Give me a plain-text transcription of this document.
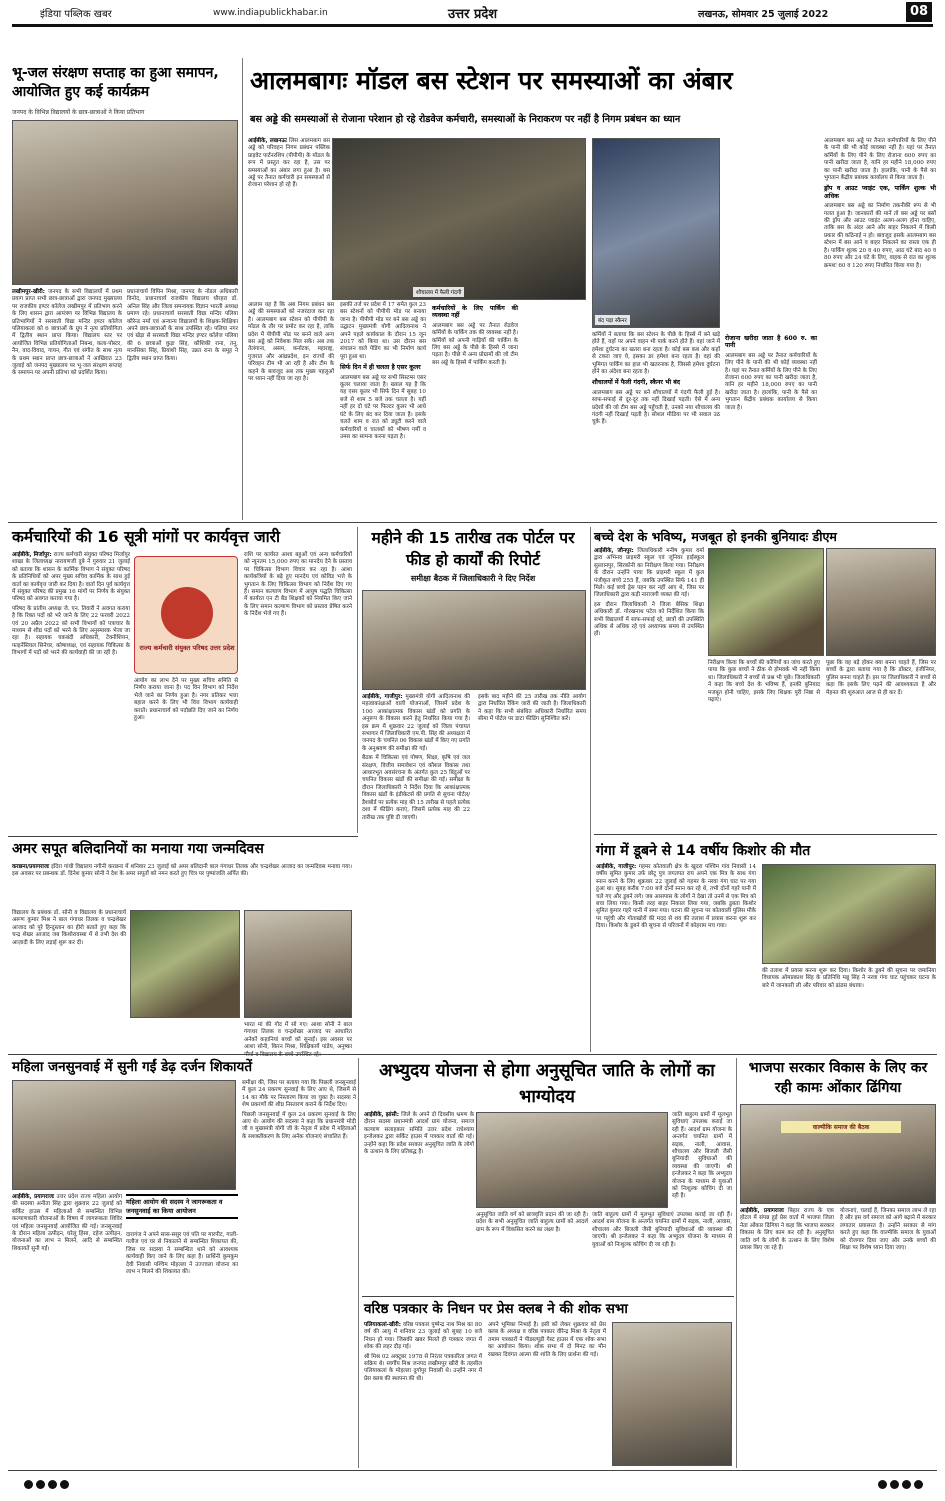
इंडिया पब्लिक खबर	www.indiapublickhabar.in	उत्तर प्रदेश	लखनऊ, सोमवार 25 जुलाई 2022	08
भू-जल संरक्षण सप्ताह का हुआ समापन, आयोजित हुए कई कार्यक्रम
जनपद के विभिन्न विद्यालयों के छात्र-छात्राओं ने किया प्रतिभाग
लखीमपुर-खीरी: जनपद के सभी विद्यालयों में प्रथम प्रयाग प्राप्त सभी छात्र-छात्राओं द्वारा जनपद मुख्यालय पर राजकीय इण्टर कॉलेज लखीमपुर में प्रतिभाग करने के लिए शासन द्वारा आमंत्रण पर विभिन्न विद्यालय के प्रतिभागियों ने सरस्वती विद्या मन्दिर इण्टर कॉलेज पलियाकलां को 6 छात्राओं के ग्रुप ने नृत्य प्रतियोगिता में द्वितीय स्थान प्राप्त किया। विद्यालय स्तर पर आयोजित विभिन्न प्रतियोगिताओं निबन्ध, कला-पोस्टर, नैन, वाद-विवाद, गायन, गीत एवं संगीत के साथ नृत्य के प्रथम स्थान प्राप्त छात्र-छात्राओं ने आखिरात 23 जुलाई को जनपद मुख्यालय पर भू-जल संरक्षण सप्ताह के समापन पर अपनी प्रतिभा को प्रदर्शित किया।
प्रधानाचार्य विपिन मिश्रा, जनपद के नोडल अधिकारी विनोद, प्रधानाचार्य राजकीय विद्यालय धौरहरा डॉ. अनिल सिंह और जिला समन्वयक विज्ञान भारती अध्यक्ष प्रमाण रहे। प्रधानाचार्य सरस्वती विद्या मन्दिर पलिया कौरेन्ड नर्मा एवं अन्यान्य विद्यालयों के शिक्षक-शिक्षिका अपने छात्र-छात्राओं के साथ उपस्थित रहे। पलिया नगर एवं खेड़ा से सरस्वती विद्या मन्दिर इण्टर कॉलेज पलिया की 6 छात्राओं कुड़ा सिंह, कौशिकी राना, तनु, मानसिका सिंह, प्रियांशी सिंह, उन्नत राना के समूह ने द्वितीय स्थान प्राप्त किया।
आलमबागः मॉडल बस स्टेशन पर समस्याओं का अंबार
बस अड्डे की समस्याओं से रोजाना परेशान हो रहे रोडवेज कर्मचारी, समस्याओं के निराकरण पर नहीं है निगम प्रबंधन का ध्यान
आईबीके, लखनऊः लिस आलमबाग बस अड्डे को परिवहन निगम प्रबंधन पब्लिक प्राइवेट पार्टनरशिप (पीपीपी) के मॉडल के रूप में प्रस्तुत कर रहा है, उस पर समस्याओं का अंबार लगा हुआ है। बस अड्डे पर तैनात कर्मचारी इन समस्याओं से रोजाना परेशान हो रहे हैं।
शौचालय में फैली गंदगी
आलाम यह है कि अब निगम प्रबंधन बस अड्डे की समस्याओं को नजरंदाज कर रहा है। आलमबाग बस स्टेशन को पीपीपी के मॉडल के तौर पर प्रमोट कर रहा है, ताकि प्रदेश में पीपीपी मोड पर बनने वाले अन्य बस अड्डे को निवेशक मिल सके। अब तक तेलंगाना, असम, कर्नाटक, महाराष्ट्र, गुजरात और आंध्रप्रदेश, इन राज्यों की परिवहन टीम भी आ रही है और टीम के कहने के बावजूद अब तक मुख्य पहलुओं पर ध्यान नहीं दिया जा रहा है।
इसकी तर्ज पर प्रदेश में 17 समेत कुल 23 बस स्टेशनों को पीपीपी मोड पर बनाया जाना है। पीपीपी मोड पर बने बस अड्डे का उद्घाटन मुख्यमंत्री योगी आदित्यनाथ ने अपने पहले कार्यकाल के दौरान 15 जून 2017 को किया था। उस दौरान बस संचालन वाले पेडिंग का भी निर्माण कार्य पूरा हुआ था।
सिर्फ दिन में ही चलता है एसर कूलर
आलमबाग बस अड्डे पर सभी सिस्टम्स एसर कूलर चलाया जाता है। ख्याल यह है कि यह एसर कूलर भी सिर्फ दिन में सुबह 10 बजे से शाम 5 बजे तक चलता है। यहीं नहीं हर दो घंटे पर फिल्टर कूलर भी आधे घंटे के लिए बंद कर दिया जाता है। इसके चलते शाम व रात को ड्यूटी करने वाले कर्मचारियों व चालकों को भीषण गर्मी व उमस का सामना करना पड़ता है।
कर्मचारियों के लिए पार्किंग की व्यवस्था नहीं
आलमबाग बस अड्डे पर तैनात रोडवेज कर्मियों के पार्किंग तक की व्यवस्था नहीं है। कर्मियों को अपनी गाड़ियों की पार्किंग के लिए बस अड्डे के पीछे के हिस्से में जाना पड़ता है। पीछे में अन्य प्रोग्रामों की जो टीम बस अड्डे के हिस्से में पार्किंग करती है।
बंद पड़ा स्कैनर
कर्मियों ने बताया कि बस स्टेशन के पीछे के हिस्से में बने खड़े होते हैं, वहाँ पर अपने वाहन भी पार्क करने होते हैं। वहां जाने में हमेशा दुर्घटना का खतरा बना रहता है। कोई बस कब और कहाँ से टकरा जाए ये, इसका डर हमेशा बना रहता है। वहां की भूमिगत पार्किंग का हाल भी खतरनाक है, जिससे हमेशा दुर्घटना होने का अंदेशा बना रहता है।
शौचालयों में फैली गंदगी, स्कैनर भी बंद
आलमबाग बस अड्डे पर बने शौचालयों में गंदगी फैली हुई है। साफ-सफाई से दूर-दूर तक नहीं दिखाई पड़ती। ऐसे में अन्य प्रदेशों की जो टीम बस अड्डे पहुँचती है, उनको नया शौचालय की गंदगी नहीं दिखाई पड़ती है। सोशल मीडिया पर भी सवाल उठ चुके हैं।
रोजाना खरीदा जाता है 600 रु. का पानी
आलमबाग बस अड्डे पर तैनात कर्मचारियों के लिए पीने के पानी की भी कोई व्यवस्था नहीं है। यहां पर तैनात कर्मियों के लिए पीने के लिए रोजाना 600 रुपए का पानी खरीदा जाता है, यानि हर महीने 18,000 रुपए का पानी खरीदा जाता है। हालांकि, पानी के पैसे का भुगतान केंद्रीय प्रबंधक कार्यालय से किया जाता है।
आलमबाग बस अड्डे पर तैनात कर्मचारियों के लिए पीने के पानी की भी कोई व्यवस्था नहीं है। यहां पर तैनात कर्मियों के लिए पीने के लिए रोजाना 600 रुपए का पानी खरीदा जाता है, यानि हर महीने 18,000 रुपए का पानी खरीदा जाता है। हालांकि, पानी के पैसे का भुगतान केंद्रीय प्रबंधक कार्यालय से किया जाता है।
ड्रॉप व आउट प्वाइंट एक, पार्किंग शुल्क भी अधिक
आलमबाग बस अड्डे का निर्माण तकनीकी रूप से भी गलत हुआ है। जानकारों की मानें तो बस अड्डे पर बसों की ड्रॉप और आउट प्वाइंट अलग-अलग होना चाहिए, ताकि बस के अंदर आने और बाहर निकलने में किसी प्रकार की कठिनाई न हो। बावजूद इसके आलमबाग बस स्टेशन में बस आने व बाहर निकलने का रास्ता एक ही है। पार्किंग शुल्क 20 व 40 रुपए, आठ घंटे बाद 40 व 80 रुपए और 24 घंटे के लिए, वाहक से रात का शुल्क क्रमशः 60 व 120 रुपए निर्धारित किया गया है।
कर्मचारियों की 16 सूत्री मांगों पर कार्यवृत्त जारी
आईबीके, मिर्जापुर: राज्य कर्मचारी संयुक्त परिषद मिर्जापुर शाखा के जिलाध्यक्ष नारायणजी दुबे ने गुरुवार 21 जुलाई को बताया कि शासन के कार्मिक विभाग ने संयुक्त परिषद के प्रतिनिधियों को अपर मुख्य सचिव कार्मिक के साथ हुई वार्ता का कार्यवृत्त जारी कर दिया है। वार्ता दिन पूर्व कार्यवृत्त में संयुक्त परिषद की प्रमुख 16 मांगों पर निर्णय के संयुक्त परिषद को अवगत कराया गया है।

परिषद के प्रांतीय अध्यक्ष जे. एन. तिवारी ने अवगत कराया है कि रिक्त पदों को भरे जाने के लिए 22 फरवरी 2022 एवं 20 अप्रैल 2022 को सभी विभागों को पत्राचार के माध्यम से शीघ्र पदों को भरने के लिए अनुस्मारक भेजा जा रहा है। सहायक चकबंदी अधिकारी, टेक्नीशियन, फाइनेंसियल सिनेचर, कोषाध्यक्ष, एवं सहायक चिकित्सा के विभागों में पदों को भरने की कार्यवाही की जा रही है।
राज्य कर्मचारी संयुक्त परिषद उत्तर प्रदेश
आयोग का लाभ देने पर मुख्य सचिव समिति से निर्णय कराया जाना है। पद विन विभाग को निर्देश भेजे जाने का निर्णय हुआ है। नगर प्रतिकर भत्ता बहाल करने के लिए भी वित्त विभाग कार्यवाही कराते। प्रधानाचार्य को पदोन्नति दिए जाने का निर्णय हुआ।
राशि पर कार्यरत आशा बहुओं एवं अन्य कर्मचारियों को न्यूनतम 15,000 रुपए का मानदेय देने के प्रस्ताव पर चिकित्सा विभाग विचार कर रहा है। आशा कार्यकत्रियों के बढ़े हुए मानदेय एवं कोविड भत्ते के भुगतान के लिए चिकित्सा विभाग को निर्देश दिए गए हैं। समान कल्याण विभाग में आयुष पद्धति चिकित्सा में कार्यरत एन टी बैड शिक्षकों को नियमित किए जाने के लिए समान कल्याण विभाग को प्रस्ताव प्रेषित करने के निर्देश भेजे गए हैं।
महीने की 15 तारीख तक पोर्टल पर फीड हो कार्यों की रिपोर्ट
समीक्षा बैठक में जिलाधिकारी ने दिए निर्देश
आईबीके, गाजीपुर: मुख्यमंत्री योगी आदित्यनाथ की महत्वाकांक्षाओं वाली योजनाओं, जिसमें प्रदेश के 100 आकांक्षात्मक विकास खंडों को प्रगति के अनुरूप के विकास करने हेतु निर्धारित किया गया है। इस क्रम में शुक्रवार 22 जुलाई को जिला पंचायत सभागार में जिलाधिकारी एम.पी. सिंह की अध्यक्षता में जनपद के चयनित 06 विकास खंडों में किए गए प्रगति के अनुश्रवण की समीक्षा की गई।

बैठक में चिकित्सा एवं पोषण, शिक्षा, कृषि एवं जल संरक्षण, वित्तीय समावेशन एवं कौशल विकास तथा आधारभूत अवसंरचना के अंतर्गत कुल 25 बिंदुओं पर चयनित विकास खंडों की समीक्षा की गई। समीक्षा के दौरान जिलाधिकारी ने निर्देश दिया कि आकांक्षात्मक विकास खंडों के इंडीकेटर्स की प्रगति से सुचना पोर्टल/डैशबोर्ड पर प्रत्येक माह की 15 तारीख से पहले प्रत्येक दशा में फीडिंग कराएं, जिसमें प्रत्येक माह की 22 तारीख तक पुष्टि दी जाएगी।
इसके बाद महीने की 25 तारीख तक नीति आयोग द्वारा निर्धारित रैंकिंग जारी की जाती है। जिलाधिकारी ने कहा कि सभी संबंधित अधिकारी निर्धारित समय सीमा में पोर्टल पर डाटा फीडिंग सुनिश्चित करें।
बच्चे देश के भविष्य, मजबूत हो इनकी बुनियादः डीएम
आईबीके, जौनपुर: जिलाधिकारी मनीष कुमार वर्मा द्वारा अभिनव प्राइमरी स्कूल एवं जूनियर हाईस्कूल सुल्तानपुर, सिरकोनी का निरीक्षण किया गया। निरीक्षण के दौरान उन्होंने पाया कि प्राइमरी स्कूल में कुल पंजीकृत बच्चे 255 हैं, जबकि उपस्थित सिर्फ 141 ही मिले। कई बच्चे ड्रेस पहन कर नहीं आए थे, जिस पर जिलाधिकारी द्वारा कड़ी नाराजगी व्यक्त की गई।

इस दौरान जिलाधिकारी ने जिला बेसिक शिक्षा अधिकारी डॉ. गोरखनाथ पटेल को निर्देशित किया कि सभी विद्यालयों में साफ-सफाई रहे, छात्रों की उपस्थिति अधिक से अधिक रहे एवं अध्यापक समय से उपस्थित हों।
निरीक्षण किया कि बच्चों की कॉपियों का जांच करते हुए पाया कि कुछ बच्चों ने ठीक से होमवर्क भी नहीं किया था। जिलाधिकारी ने बच्चों से प्रश्न भी पूछे। जिलाधिकारी ने कहा कि बच्चे देश के भविष्य हैं, इनकी बुनियाद मजबूत होनी चाहिए, इसके लिए शिक्षक पूरी निष्ठा से पढ़ाएं।
पूछा कि वह बड़े होकर क्या बनना चाहते हैं, जिस पर बच्चों के द्वारा बताया गया है कि डॉक्टर, इंजीनियर, पुलिस बनना चाहते हैं। इस पर जिलाधिकारी ने बच्चों से कहा कि इसके लिए पढ़ने की आवश्यकता है और मेहनत की शुरुआत आज से ही कर दें।
अमर सपूत बलिदानियों का मनाया गया जन्मदिवस
करछना/प्रयागराजः इंदिरा गांधी विद्यालय नगीनी करछना में शनिवार 23 जुलाई को अमर बलिदानी बाल गंगाधर तिलक और चन्द्रशेखर आजाद का जन्मदिवस मनाया गया। इस अवसर पर प्रबन्धक डॉ. दिनेश कुमार सोनी ने देश के अमर सपूतों को नमन करते हुए चित्र पर पुष्पांजलि अर्पित की।
विद्यालय के प्रबंधक डॉ. सोनी व विद्यालय के प्रधानाचार्य अरूण कुमार मिश्र ने बाल गंगाधर तिलक व चन्द्रशेखर आजाद को पूरे हिन्दुस्तान का हीरो बताते हुए कहा कि चन्द्र शेखर आजाद जब किशोरावस्था में थे तभी देश की आज़ादी के लिए लड़ाई शुरू कर दी।
भारत मां की गोद में सो गए। आशा सोनी ने बाल गंगाधर तिलक व चन्द्रशेखर आजाद पर आधारित अनेकों कहानियां बच्चों को सुनाईं। इस अवसर पर आशा सोनी, किरन मिश्रा, शिक्षिकायें पांडेय, अनुष्का
गंगा में डूबने से 14 वर्षीय किशोर की मौत
आईबीके, गाजीपुर: गहमर कोतवाली क्षेत्र के खुदरा पश्चिम गांव निवासी 14 वर्षीय सुमित कुमार उर्फ छोटू पुत्र जगतपत राय अपने एक मित्र के साथ गंगा स्नान करने के लिए शुक्रवार 22 जुलाई को गहमर के नरवा गंगा घाट पर गया हुआ था। सुबह करीब 7:00 बजे दोनों स्नान कर रहे थे, तभी दोनों गहरे पानी में चले गए और डूबने लगे। जब आसपास के लोगों ने देखा तो उनमें से एक मित्र को बचा लिया गया। किसी तरह बाहर निकाल लिया गया, जबकि डूबता किशोर सुमित कुमार गहरे पानी में समा गया। घटना की सूचना पर कोतवाली पुलिस मौके पर पहुंची और गोताखोरों की मदद से शव की तलाश में प्रयास करना शुरू कर दिया। किशोर के डूबने की सूचना से परिजनों में कोहराम मच गया।
की तलाश में प्रयास करना शुरू कर दिया। किशोर के डूबने की सूचना पर जमानिया विधायक ओमप्रकाश सिंह के प्रतिनिधि मन्नू सिंह ने नरवा गंगा घाट पहुंचकर घटना के बारे में जानकारी ली और परिवार को ढांढस बंधाया।
महिला जनसुनवाई में सुनी गईं डेढ़ दर्जन शिकायतें
आईबीके, प्रयागराजः उत्तर प्रदेश राज्य महिला आयोग की सदस्या अनीता सिंह द्वारा शुक्रवार 22 जुलाई को सर्किट हाउस में महिलाओं से सम्बन्धित विभिन्न कल्याणकारी योजनाओं के विषय में जागरूकता शिविर एवं महिला जनसुनवाई आयोजित की गई। जनसुनवाई के दौरान महिला उत्पीड़न, घरेलू हिंसा, दहेज उत्पीड़न, योजनाओं का लाभ न मिलने, आदि से सम्बन्धित शिकायतें सुनी गईं।
महिला आयोग की सदस्य ने जागरूकता व जनसुनवाई का किया आयोजन
दारागंज ने अपने सास-ससुर एवं पति पर मारपीट, गाली-गलौज एवं घर से निकालने से सम्बन्धित शिकायत की, जिस पर सदस्या ने सम्बन्धित थाने को आवश्यक कार्यवाही किए जाने के लिए कहा है। प्रार्थिनी कुमकुम देवी निवासी पश्चिम मोहल्ला ने उज्ज्वला योजना का लाभ न मिलने की शिकायत की।
समीक्षा की, जिस पर बताया गया कि पिछली जनसुनवाई में कुल 24 प्रकरण सुनवाई के लिए आए थे, जिसमें से 14 का मौके पर निस्तारण किया जा चुका है। सदस्या ने शेष प्रकरणों की शीघ्र निस्तारण कराने के निर्देश दिए।

पिछली जनसुनवाई में कुल 24 प्रकरण सुनवाई के लिए आए थे। आयोग की सदस्या ने कहा कि प्रधानमंत्री मोदी जी व मुख्यमंत्री योगी जी के नेतृत्व में प्रदेश में महिलाओं के सशक्तीकरण के लिए अनेक योजनाएं संचालित हैं।
अभ्युदय योजना से होगा अनुसूचित जाति के लोगों का भाग्योदय
आईबीके, झांसी: जिले के अपने दो दिवसीय भ्रमण के दौरान सदस्य प्रधानमंत्री आदर्श ग्राम योजना, समाज कल्याण सलाहकार समिति उत्तर प्रदेश राधेश्याम इन्जेलकर द्वारा सर्किट हाउस में पत्रकार वार्ता की गई। उन्होंने कहा कि प्रदेश सरकार अनुसूचित जाति के लोगों के उत्थान के लिए प्रतिबद्ध है।
अनुसूचित जाति वर्ग को छात्रवृत्ति प्रदान की जा रही है। प्रदेश के सभी अनुसूचित जाति बाहुल्य ग्रामों को आदर्श ग्राम के रूप में विकसित करने का लक्ष्य है।
जाति बाहुल्य ग्रामों में मूलभूत सुविधाएं उपलब्ध कराई जा रही हैं। आदर्श ग्राम योजना के अन्तर्गत चयनित ग्रामों में सड़क, नाली, आवास, शौचालय और बिजली जैसी बुनियादी सुविधाओं की व्यवस्था की जाएगी। श्री इन्जेलकर ने कहा कि अभ्युदय योजना के माध्यम से युवाओं को निःशुल्क कोचिंग दी जा रही है।
जाति बाहुल्य ग्रामों में मूलभूत सुविधाएं उपलब्ध कराई जा रही हैं। आदर्श ग्राम योजना के अन्तर्गत चयनित ग्रामों में सड़क, नाली, आवास, शौचालय और बिजली जैसी बुनियादी सुविधाओं की व्यवस्था की जाएगी। श्री इन्जेलकर ने कहा कि अभ्युदय योजना के माध्यम से युवाओं को निःशुल्क कोचिंग दी जा रही है।
वरिष्ठ पत्रकार के निधन पर प्रेस क्लब ने की शोक सभा
पलियाकलां-खीरी: वरिष्ठ पत्रकार पुष्पेन्द्र नाथ मिश्र का 80 वर्ष की आयु में शनिवार 23 जुलाई को सुबह 10 बजे निधन हो गया। जिसकी खबर मिलते ही पत्रकार जगत में शोक की लहर दौड़ गई।

श्री मिश्र 02 अक्टूबर 1978 से निरंतर पत्रकारिता जगत में सक्रिय थे। स्वर्गीय मिश्र जनपद लखीमपुर खीरी के तहसील पलियाकलां के मोहल्ला दुर्गापुर निवासी थे। उन्होंने नगर में प्रेस क्लब की स्थापना की थी।
अपने भूमिका निभाई है। इसी को लेकर शुक्रवार को प्रेस क्लब के अध्यक्ष व वरिष्ठ पत्रकार वीरेन्द्र मिश्रा के नेतृत्व में तमाम पत्रकारों ने पीडब्ल्यूडी गेस्ट हाउस में एक शोक सभा का आयोजन किया। शोक सभा में दो मिनट का मौन रखकर दिवंगत आत्मा की शांति के लिए प्रार्थना की गई।
भाजपा सरकार विकास के लिए कर रही कामः ओंकार ढिंगिया
वाल्मीकि समाज की बैठक
आईबीके, प्रयागराजः बिहार राज्य के एक होटल में संपन्न हुई प्रेस वार्ता में भाजपा जिला नेता ओंकार ढिंगिया ने कहा कि भाजपा सरकार विकास के लिए काम कर रही है। अनुसूचित जाति वर्ग के लोगों के उत्थान के लिए विशेष प्रयास किए जा रहे हैं।
योजनाएं, चलाई हैं, जिनका समाज लाभ ले रहा है और इस वर्ग समाज को आगे बढ़ाने में सरकार लगातार प्रयासरत है। उन्होंने सरकार से मांग करते हुए कहा कि वाल्मीकि समाज के युवाओं को रोजगार दिया जाए और उनके बच्चों की शिक्षा पर विशेष ध्यान दिया जाए।
